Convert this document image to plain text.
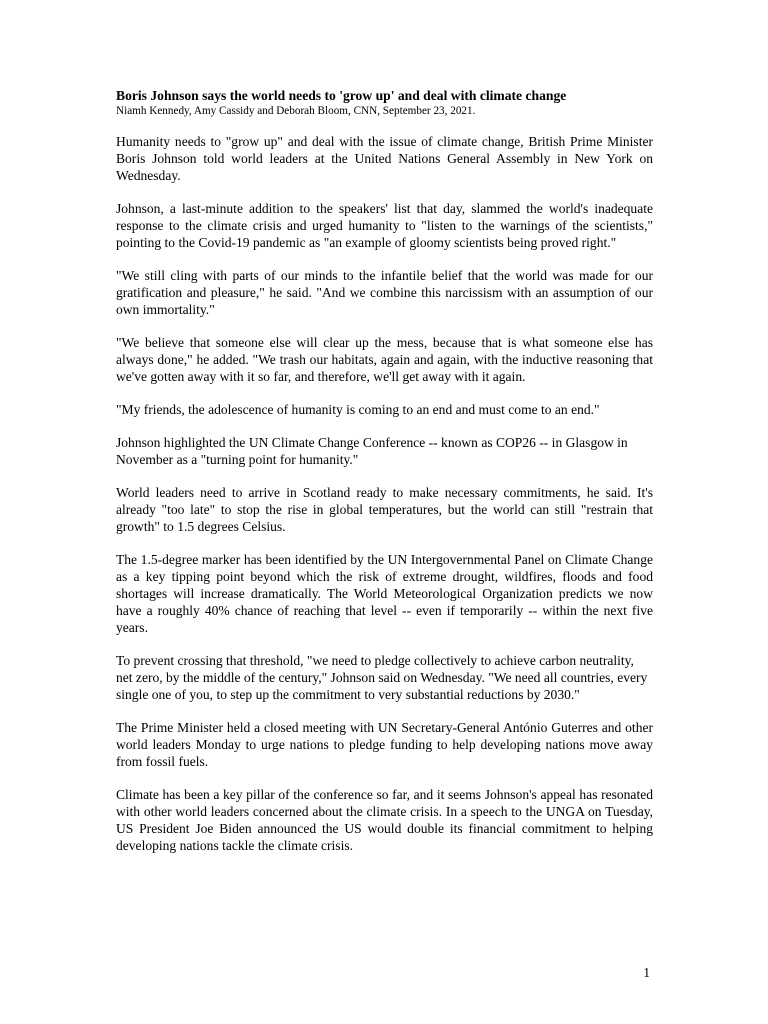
Boris Johnson says the world needs to 'grow up' and deal with climate change

Niamh Kennedy, Amy Cassidy and Deborah Bloom, CNN, September 23, 2021.

Humanity needs to "grow up" and deal with the issue of climate change, British Prime Minister Boris Johnson told world leaders at the United Nations General Assembly in New York on Wednesday.

Johnson, a last-minute addition to the speakers' list that day, slammed the world's inadequate response to the climate crisis and urged humanity to "listen to the warnings of the scientists," pointing to the Covid-19 pandemic as "an example of gloomy scientists being proved right."

"We still cling with parts of our minds to the infantile belief that the world was made for our gratification and pleasure," he said. "And we combine this narcissism with an assumption of our own immortality."

"We believe that someone else will clear up the mess, because that is what someone else has always done," he added. "We trash our habitats, again and again, with the inductive reasoning that we've gotten away with it so far, and therefore, we'll get away with it again.

"My friends, the adolescence of humanity is coming to an end and must come to an end."

Johnson highlighted the UN Climate Change Conference -- known as COP26 -- in Glasgow in November as a "turning point for humanity."

World leaders need to arrive in Scotland ready to make necessary commitments, he said. It's already "too late" to stop the rise in global temperatures, but the world can still "restrain that growth" to 1.5 degrees Celsius.

The 1.5-degree marker has been identified by the UN Intergovernmental Panel on Climate Change as a key tipping point beyond which the risk of extreme drought, wildfires, floods and food shortages will increase dramatically. The World Meteorological Organization predicts we now have a roughly 40% chance of reaching that level -- even if temporarily -- within the next five years.

To prevent crossing that threshold, "we need to pledge collectively to achieve carbon neutrality, net zero, by the middle of the century," Johnson said on Wednesday. "We need all countries, every single one of you, to step up the commitment to very substantial reductions by 2030."

The Prime Minister held a closed meeting with UN Secretary-General António Guterres and other world leaders Monday to urge nations to pledge funding to help developing nations move away from fossil fuels.

Climate has been a key pillar of the conference so far, and it seems Johnson's appeal has resonated with other world leaders concerned about the climate crisis. In a speech to the UNGA on Tuesday, US President Joe Biden announced the US would double its financial commitment to helping developing nations tackle the climate crisis.

1
